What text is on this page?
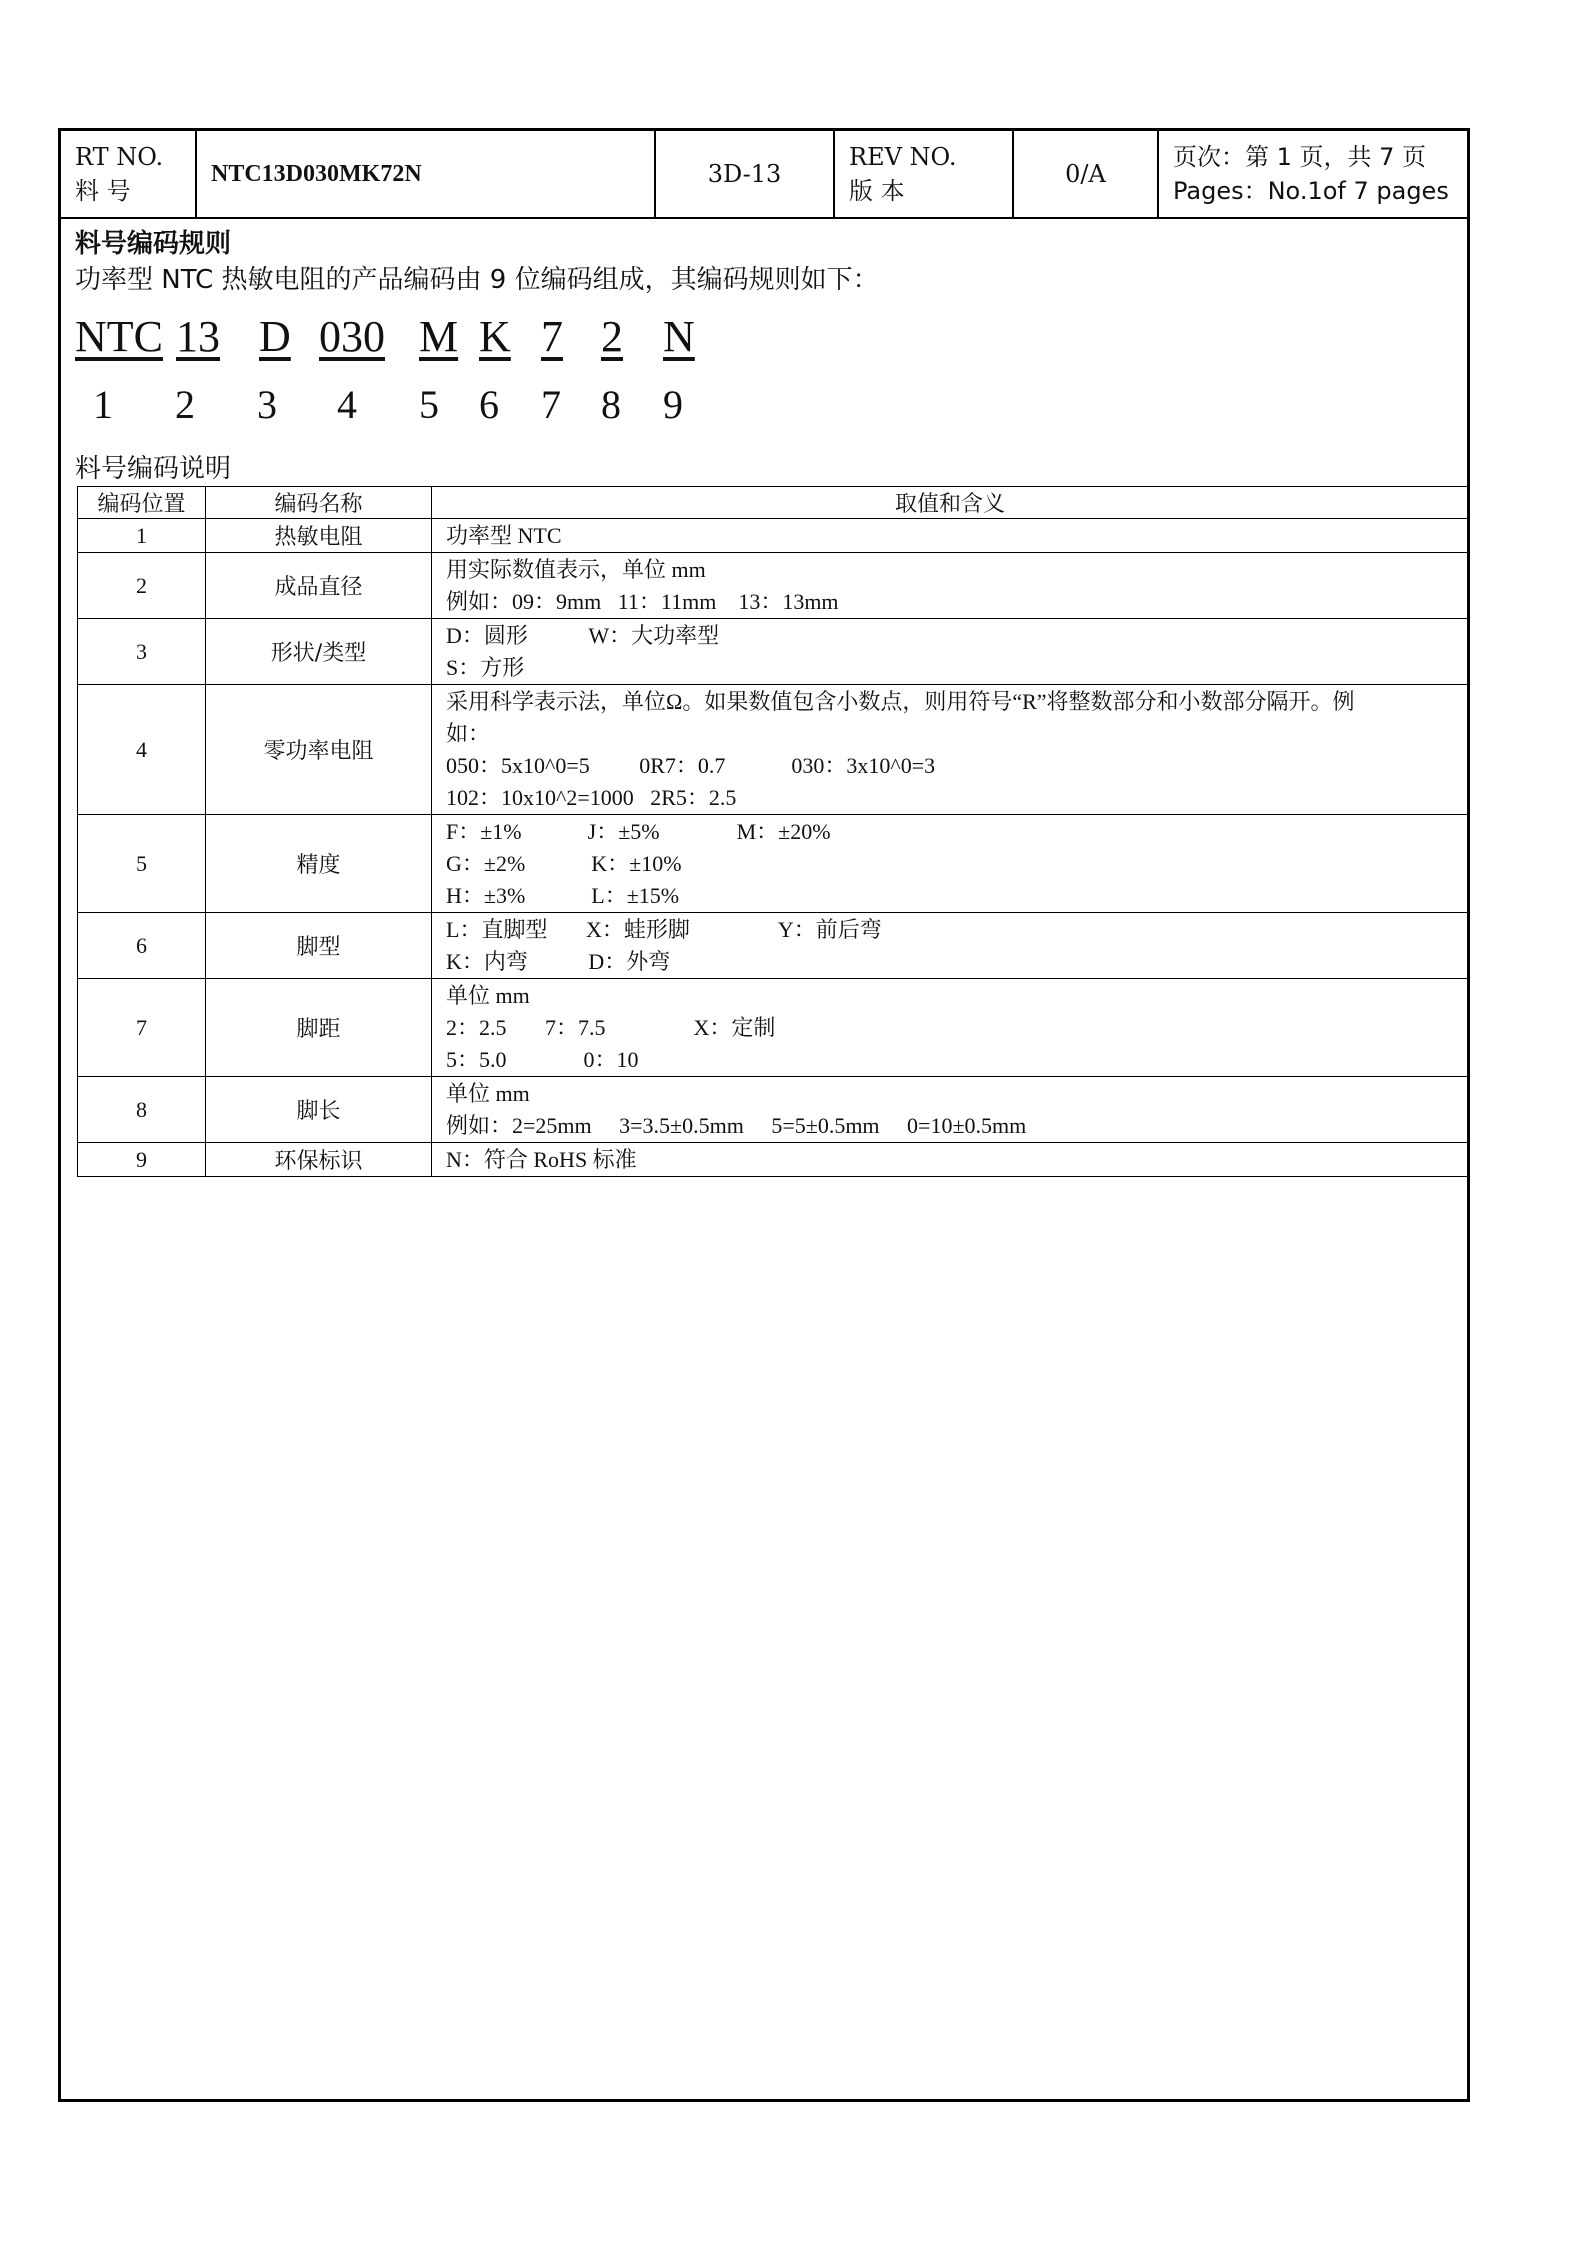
RT NO.
料 号
	NTC13D030MK72N	3D-13	
REV NO.
版 本
	0/A	
页次：第 1 页，共 7 页
Pages：No.1of 7 pages
料号编码规则
功率型 NTC 热敏电阻的产品编码由 9 位编码组成，其编码规则如下：
NTC 13 D 030 M K 7 2 N
1 2 3 4 5 6 7 8 9
料号编码说明
编码位置	编码名称	取值和含义
1	热敏电阻	功率型 NTC

2	成品直径	用实际数值表示，单位 mm
例如：09：9mm   11：11mm    13：13mm

3	形状/类型	D：圆形           W：大功率型
S：方形

4	零功率电阻	采用科学表示法，单位Ω。如果数值包含小数点，则用符号“R”将整数部分和小数部分隔开。例
如：
050：5x10^0=5         0R7：0.7            030：3x10^0=3
102：10x10^2=1000   2R5：2.5

5	精度	F：±1%            J：±5%              M：±20%
G：±2%            K：±10%
H：±3%            L：±15%

6	脚型	L：直脚型       X：蛙形脚                Y：前后弯
K：内弯           D：外弯

7	脚距	单位 mm
2：2.5       7：7.5                X：定制
5：5.0              0：10

8	脚长	单位 mm
例如：2=25mm     3=3.5±0.5mm     5=5±0.5mm     0=10±0.5mm

9	环保标识	N：符合 RoHS 标准
